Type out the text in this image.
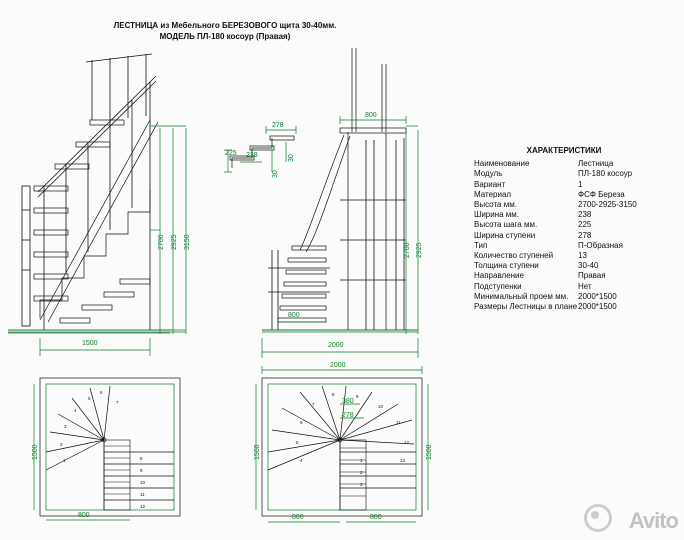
1
2
3
4
5
6
7
8
9
10
11
12
1
2
3
4
5
6
7
8	9
10
11
12
13
ЛЕСТНИЦА из Мебельного БЕРЕЗОВОГО щита 30-40мм.
МОДЕЛЬ ПЛ-180 косоур (Правая)
ХАРАКТЕРИСТИКИ
Наименование	Лестница
Модуль	ПЛ-180 косоур
Вариант	1
Материал	ФСФ Береза
Высота мм.	2700-2925-3150
Ширина мм.	238
Высота шага мм.	225
Ширина ступени	278
Тип	П-Образная
Количество ступеней	13
Толщина ступени	30-40
Направление	Правая
Подступенки	Нет
Минимальный проем мм.	2000*1500
Размеры Лестницы в плане 2000*1500
3150
2925
2700
1500
278
225 238
30
30
800
2925
2700
800
2000
1500
800
2000
1500	1500
800	800
380
278
Avito
